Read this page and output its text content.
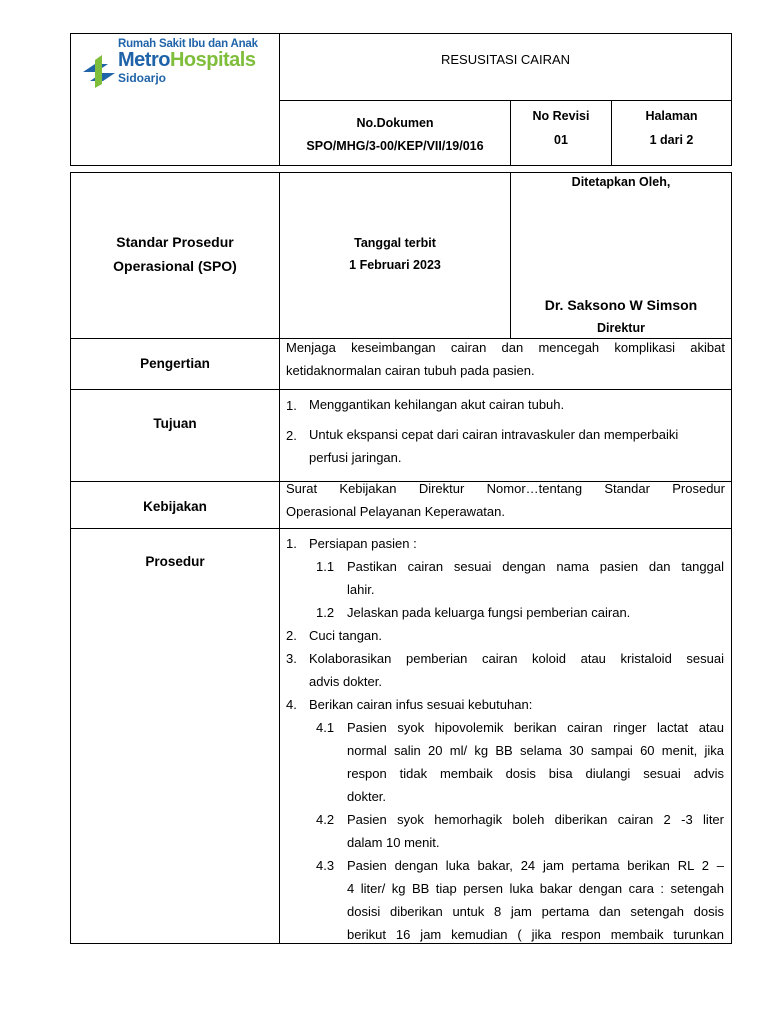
Rumah Sakit Ibu dan Anak
MetroHospitals
Sidoarjo
RESUSITASI CAIRAN
No.Dokumen
SPO/MHG/3-00/KEP/VII/19/016
No Revisi
01
Halaman
1 dari 2
Standar Prosedur
Operasional (SPO)
Tanggal terbit
1 Februari 2023
Ditetapkan Oleh,
Dr. Saksono W Simson
Direktur
Pengertian
Menjaga keseimbangan cairan dan mencegah komplikasi akibat
ketidaknormalan cairan tubuh pada pasien.
Tujuan
1. Menggantikan kehilangan akut cairan tubuh.
2. Untuk ekspansi cepat dari cairan intravaskuler dan memperbaiki
perfusi jaringan.
Kebijakan
Surat Kebijakan Direktur Nomor…tentang Standar Prosedur
Operasional Pelayanan Keperawatan.
Prosedur
1. Persiapan pasien :
1.1 Pastikan cairan sesuai dengan nama pasien dan tanggal
lahir.
1.2 Jelaskan pada keluarga fungsi pemberian cairan.
2. Cuci tangan.
3. Kolaborasikan pemberian cairan koloid atau kristaloid sesuai
advis dokter.
4. Berikan cairan infus sesuai kebutuhan:
4.1 Pasien syok hipovolemik berikan cairan ringer lactat atau
normal salin 20 ml/ kg BB selama 30 sampai 60 menit, jika
respon tidak membaik dosis bisa diulangi sesuai advis
dokter.
4.2 Pasien syok hemorhagik boleh diberikan cairan 2 -3 liter
dalam 10 menit.
4.3 Pasien dengan luka bakar, 24 jam pertama berikan RL 2 –
4 liter/ kg BB tiap persen luka bakar dengan cara : setengah
dosisi diberikan untuk 8 jam pertama dan setengah dosis
berikut 16 jam kemudian ( jika respon membaik turunkan
